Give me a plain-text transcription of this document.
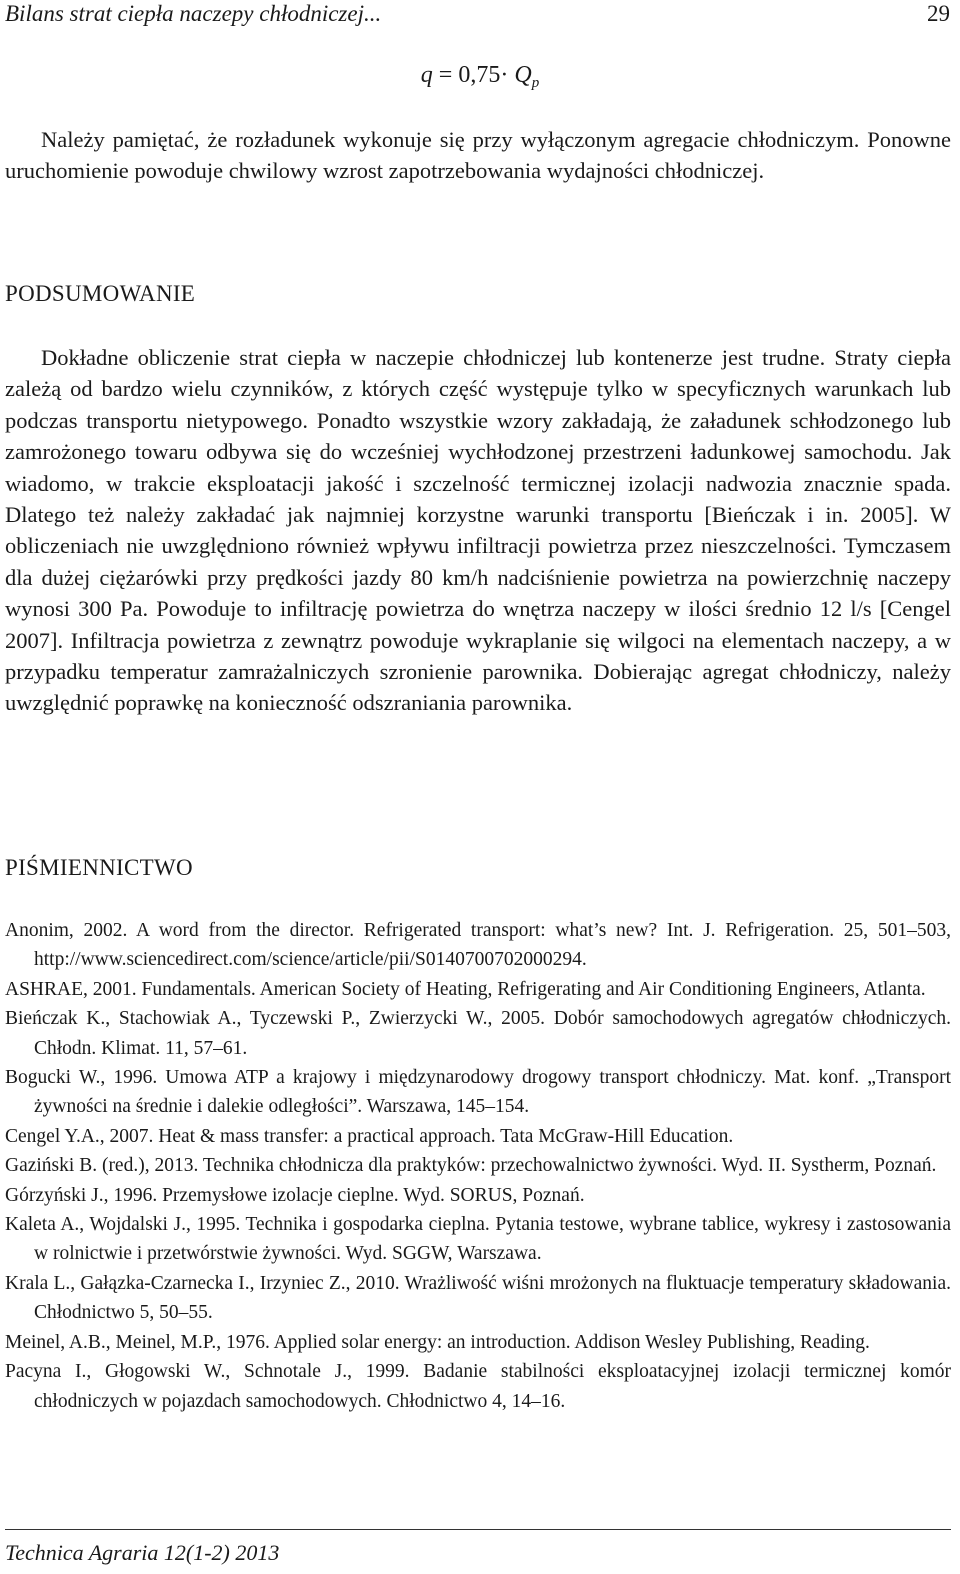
Bilans strat ciepła naczepy chłodniczej...	29
$q = 0,75\cdot Q_p$

Należy pamiętać, że rozładunek wykonuje się przy wyłączonym agregacie chłodniczym. Ponowne uruchomienie powoduje chwilowy wzrost zapotrzebowania wydajności chłodniczej.

PODSUMOWANIE

Dokładne obliczenie strat ciepła w naczepie chłodniczej lub kontenerze jest trudne. Straty ciepła zależą od bardzo wielu czynników, z których część występuje tylko w specyficznych warunkach lub podczas transportu nietypowego. Ponadto wszystkie wzory zakładają, że załadunek schłodzonego lub zamrożonego towaru odbywa się do wcześniej wychłodzonej przestrzeni ładunkowej samochodu. Jak wiadomo, w trakcie eksploatacji jakość i szczelność termicznej izolacji nadwozia znacznie spada. Dlatego też należy zakładać jak najmniej korzystne warunki transportu [Bieńczak i in. 2005]. W obliczeniach nie uwzględniono również wpływu infiltracji powietrza przez nieszczelności. Tymczasem dla dużej ciężarówki przy prędkości jazdy 80 km/h nadciśnienie powietrza na powierzchnię naczepy wynosi 300 Pa. Powoduje to infiltrację powietrza do wnętrza naczepy w ilości średnio 12 l/s [Cengel 2007]. Infiltracja powietrza z zewnątrz powoduje wykraplanie się wilgoci na elementach naczepy, a w przypadku temperatur zamrażalniczych szronienie parownika. Dobierając agregat chłodniczy, należy uwzględnić poprawkę na konieczność odszraniania parownika.

PIŚMIENNICTWO
Anonim, 2002. A word from the director. Refrigerated transport: what’s new? Int. J. Refrigeration. 25, 501–503, http://www.sciencedirect.com/science/article/pii/S0140700702000294.
ASHRAE, 2001. Fundamentals. American Society of Heating, Refrigerating and Air Conditioning Engineers, Atlanta.
Bieńczak K., Stachowiak A., Tyczewski P., Zwierzycki W., 2005. Dobór samochodowych agregatów chłodniczych. Chłodn. Klimat. 11, 57–61.
Bogucki W., 1996. Umowa ATP a krajowy i międzynarodowy drogowy transport chłodniczy. Mat. konf. „Transport żywności na średnie i dalekie odległości”. Warszawa, 145–154.
Cengel Y.A., 2007. Heat & mass transfer: a practical approach. Tata McGraw-Hill Education.
Gaziński B. (red.), 2013. Technika chłodnicza dla praktyków: przechowalnictwo żywności. Wyd. II. Systherm, Poznań.
Górzyński J., 1996. Przemysłowe izolacje cieplne. Wyd. SORUS, Poznań.
Kaleta A., Wojdalski J., 1995. Technika i gospodarka cieplna. Pytania testowe, wybrane tablice, wykresy i zastosowania w rolnictwie i przetwórstwie żywności. Wyd. SGGW, Warszawa.
Krala L., Gałązka-Czarnecka I., Irzyniec Z., 2010. Wrażliwość wiśni mrożonych na fluktuacje temperatury składowania. Chłodnictwo 5, 50–55.
Meinel, A.B., Meinel, M.P., 1976. Applied solar energy: an introduction. Addison Wesley Publishing, Reading.
Pacyna I., Głogowski W., Schnotale J., 1999. Badanie stabilności eksploatacyjnej izolacji termicznej komór chłodniczych w pojazdach samochodowych. Chłodnictwo 4, 14–16.
Technica Agraria 12(1-2) 2013
